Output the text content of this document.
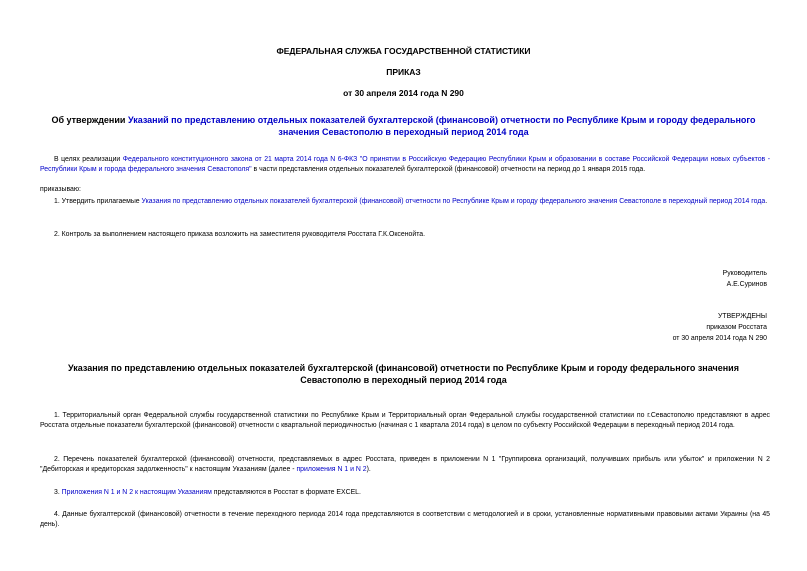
ФЕДЕРАЛЬНАЯ СЛУЖБА ГОСУДАРСТВЕННОЙ СТАТИСТИКИ
ПРИКАЗ
от 30 апреля 2014 года N 290
Об утверждении Указаний по представлению отдельных показателей бухгалтерской (финансовой) отчетности по Республике Крым и городу федерального значения Севастополю в переходный период 2014 года
В целях реализации Федерального конституционного закона от 21 марта 2014 года N 6-ФКЗ "О принятии в Российскую Федерацию Республики Крым и образовании в составе Российской Федерации новых субъектов - Республики Крым и города федерального значения Севастополя" в части представления отдельных показателей бухгалтерской (финансовой) отчетности на период до 1 января 2015 года.
приказываю:
1. Утвердить прилагаемые Указания по представлению отдельных показателей бухгалтерской (финансовой) отчетности по Республике Крым и городу федерального значения Севастополе в переходный период 2014 года.
2. Контроль за выполнением настоящего приказа возложить на заместителя руководителя Росстата Г.К.Оксенойта.
Руководитель
А.Е.Суринов
УТВЕРЖДЕНЫ
приказом Росстата
от 30 апреля 2014 года N 290
Указания по представлению отдельных показателей бухгалтерской (финансовой) отчетности по Республике Крым и городу федерального значения Севастополю в переходный период 2014 года
1. Территориальный орган Федеральной службы государственной статистики по Республике Крым и Территориальный орган Федеральной службы государственной статистики по г.Севастополю представляют в адрес Росстата отдельные показатели бухгалтерской (финансовой) отчетности с квартальной периодичностью (начиная с 1 квартала 2014 года) в целом по субъекту Российской Федерации в переходный период 2014 года.
2. Перечень показателей бухгалтерской (финансовой) отчетности, представляемых в адрес Росстата, приведен в приложении N 1 "Группировка организаций, получивших прибыль или убыток" и приложении N 2 "Дебиторская и кредиторская задолженность" к настоящим Указаниям (далее - приложения N 1 и N 2).
3. Приложения N 1 и N 2 к настоящим Указаниям представляются в Росстат в формате EXCEL.
4. Данные бухгалтерской (финансовой) отчетности в течение переходного периода 2014 года представляются в соответствии с методологией и в сроки, установленные нормативными правовыми актами Украины (на 45 день).
